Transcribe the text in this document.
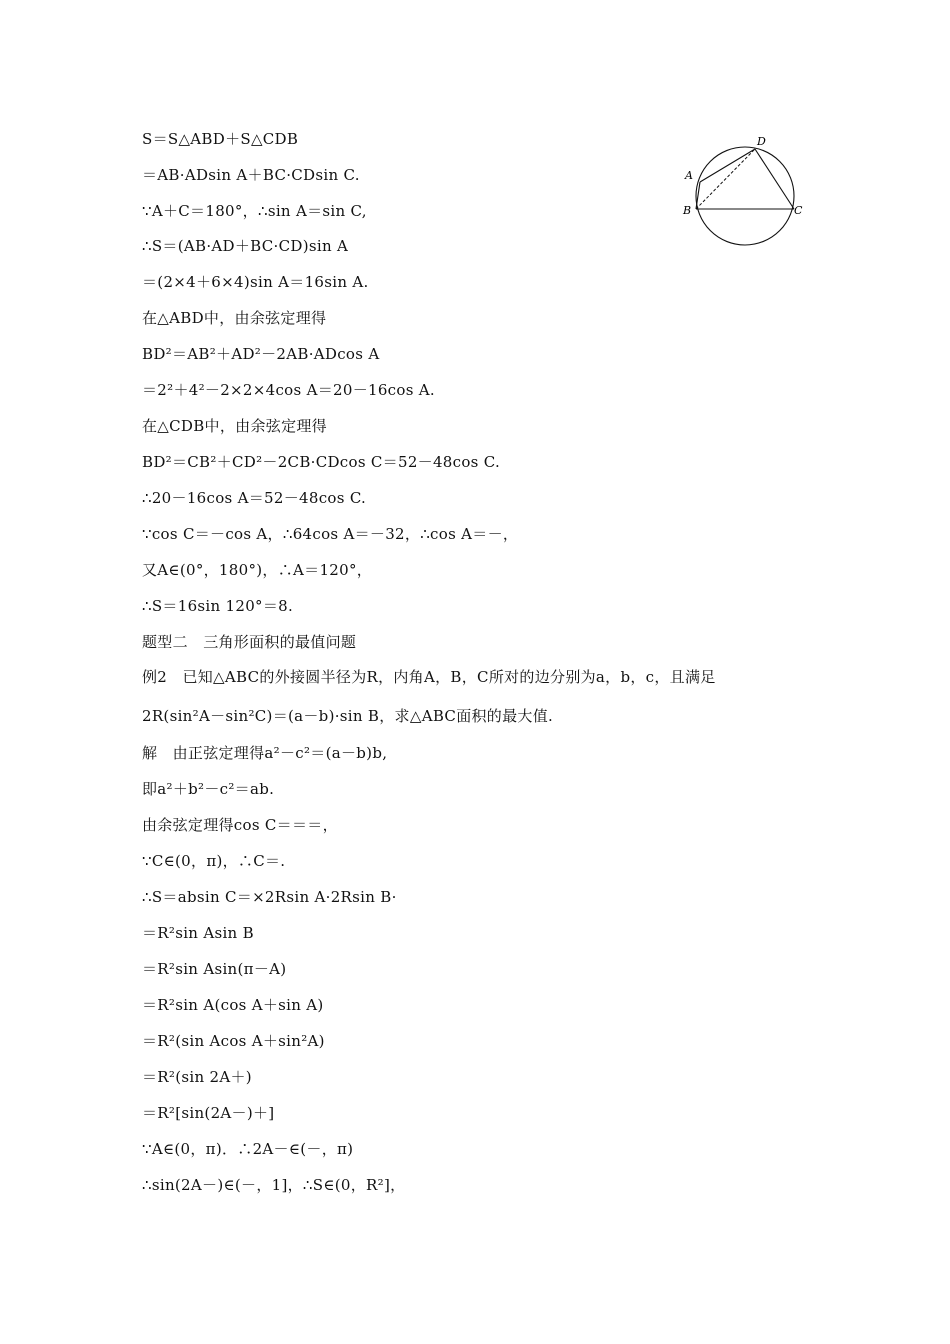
S＝S△ABD＋S△CDB
＝AB·ADsin A＋BC·CDsin C.
∵A＋C＝180°，∴sin A＝sin C,
∴S＝(AB·AD＋BC·CD)sin A
＝(2×4＋6×4)sin A＝16sin A.
在△ABD中，由余弦定理得
BD²＝AB²＋AD²－2AB·ADcos A
＝2²＋4²－2×2×4cos A＝20－16cos A.
在△CDB中，由余弦定理得
BD²＝CB²＋CD²－2CB·CDcos C＝52－48cos C.
∴20－16cos A＝52－48cos C.
∵cos C＝－cos A，∴64cos A＝－32，∴cos A＝－，
又A∈(0°，180°)，∴A＝120°，
∴S＝16sin 120°＝8.
题型二　三角形面积的最值问题
例2　已知△ABC的外接圆半径为R，内角A，B，C所对的边分别为a，b，c，且满足
2R(sin²A－sin²C)＝(a－b)·sin B，求△ABC面积的最大值.
解　由正弦定理得a²－c²＝(a－b)b,
即a²＋b²－c²＝ab.
由余弦定理得cos C＝＝＝，
∵C∈(0，π)，∴C＝.
∴S＝absin C＝×2Rsin A·2Rsin B·
＝R²sin Asin B
＝R²sin Asin(π－A)
＝R²sin A(cos A＋sin A)
＝R²(sin Acos A＋sin²A)
＝R²(sin 2A＋)
＝R²[sin(2A－)＋]
∵A∈(0，π)．∴2A－∈(－，π)
∴sin(2A－)∈(－，1]，∴S∈(0，R²]，
A
B	C
D
